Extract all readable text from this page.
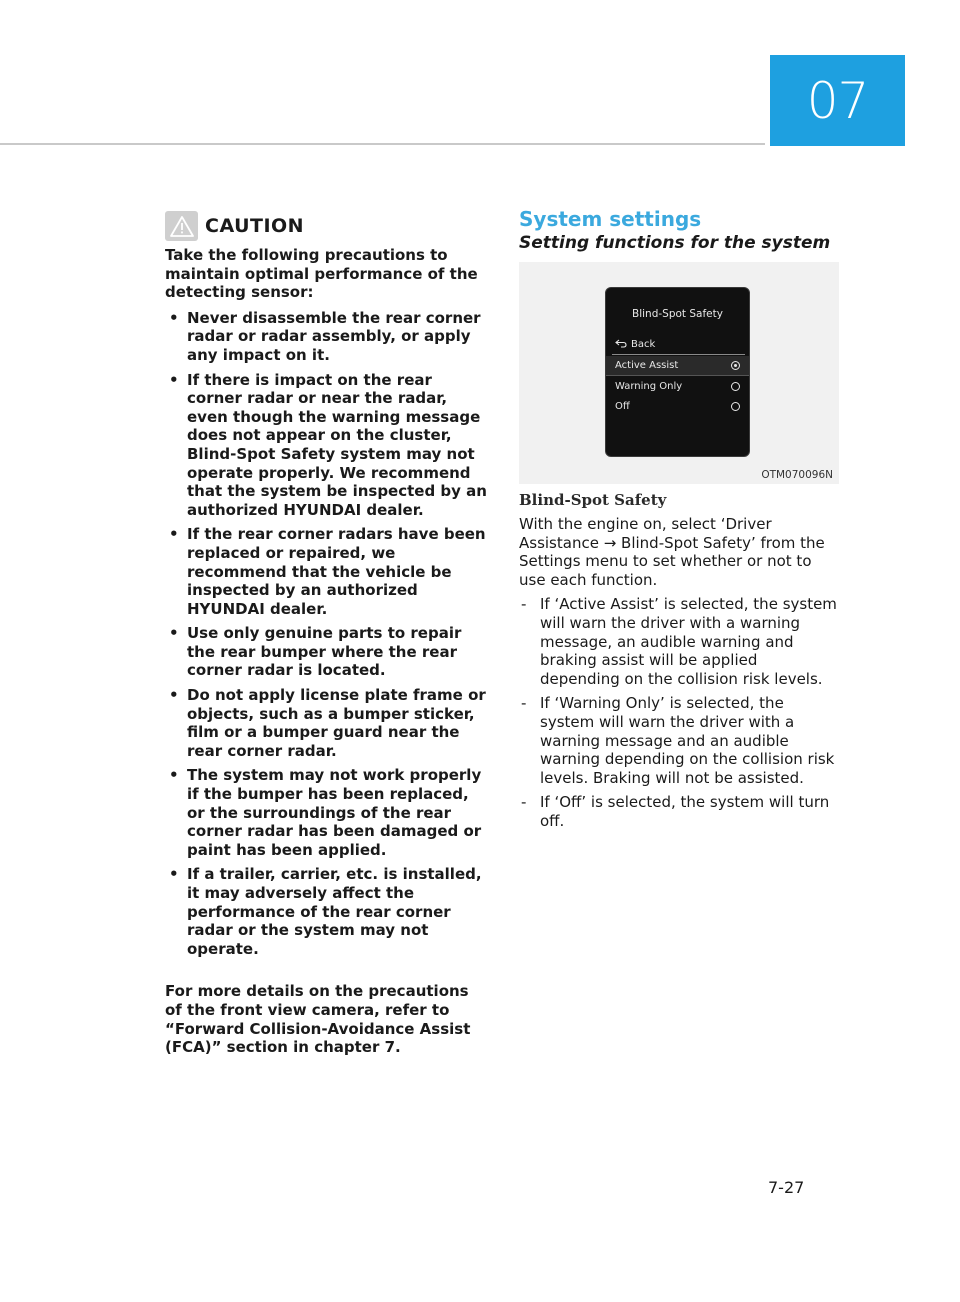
07
CAUTION

Take the following precautions to maintain optimal performance of the detecting sensor:

• Never disassemble the rear corner radar or radar assembly, or apply any impact on it.
• If there is impact on the rear corner radar or near the radar, even though the warning message does not appear on the cluster, Blind-Spot Safety system may not operate properly. We recommend that the system be inspected by an authorized HYUNDAI dealer.
• If the rear corner radars have been replaced or repaired, we recommend that the vehicle be inspected by an authorized HYUNDAI dealer.
• Use only genuine parts to repair the rear bumper where the rear corner radar is located.
• Do not apply license plate frame or objects, such as a bumper sticker, film or a bumper guard near the rear corner radar.
• The system may not work properly if the bumper has been replaced, or the surroundings of the rear corner radar has been damaged or paint has been applied.
• If a trailer, carrier, etc. is installed, it may adversely affect the performance of the rear corner radar or the system may not operate.

For more details on the precautions of the front view camera, refer to “Forward Collision-Avoidance Assist (FCA)” section in chapter 7.

System settings
Setting functions for the system
Blind-Spot Safety
Back
Active Assist
Warning Only
Off
OTM070096N
Blind-Spot Safety

With the engine on, select ‘Driver Assistance → Blind-Spot Safety’ from the Settings menu to set whether or not to use each function.

- If ‘Active Assist’ is selected, the system will warn the driver with a warning message, an audible warning and braking assist will be applied depending on the collision risk levels.
- If ‘Warning Only’ is selected, the system will warn the driver with a warning message and an audible warning depending on the collision risk levels. Braking will not be assisted.
- If ‘Off’ is selected, the system will turn off.
7-27
